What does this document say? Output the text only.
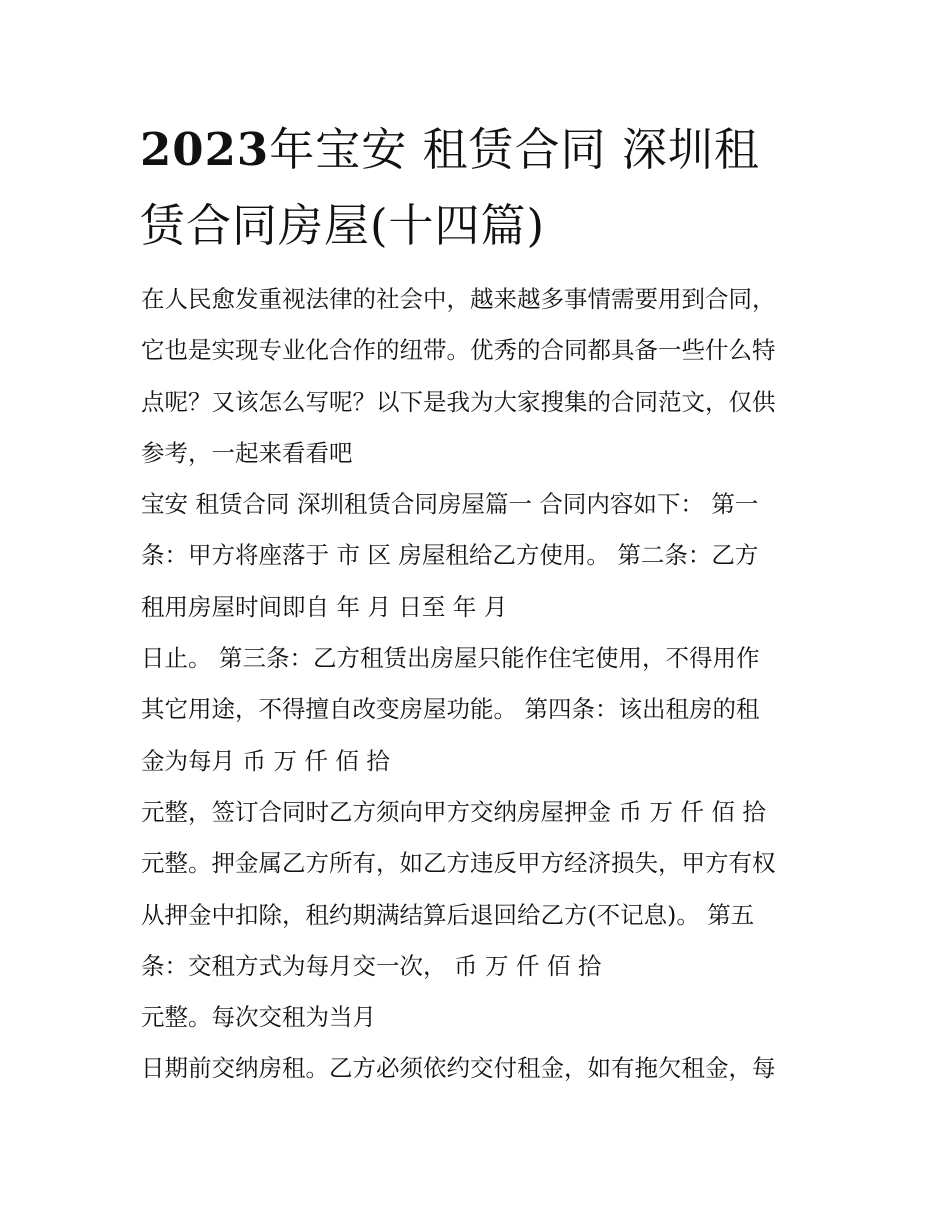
2023年宝安 租赁合同 深圳租
赁合同房屋(十四篇)
在人民愈发重视法律的社会中，越来越多事情需要用到合同，
它也是实现专业化合作的纽带。优秀的合同都具备一些什么特
点呢？又该怎么写呢？以下是我为大家搜集的合同范文，仅供
参考，一起来看看吧
宝安 租赁合同 深圳租赁合同房屋篇一 合同内容如下： 第一
条：甲方将座落于 市 区 房屋租给乙方使用。 第二条：乙方
租用房屋时间即自 年 月 日至 年 月
日止。 第三条：乙方租赁出房屋只能作住宅使用，不得用作
其它用途，不得擅自改变房屋功能。 第四条：该出租房的租
金为每月 币 万 仟 佰 拾
元整，签订合同时乙方须向甲方交纳房屋押金 币 万 仟 佰 拾
元整。押金属乙方所有，如乙方违反甲方经济损失，甲方有权
从押金中扣除，租约期满结算后退回给乙方(不记息)。 第五
条：交租方式为每月交一次， 币 万 仟 佰 拾
元整。每次交租为当月
日期前交纳房租。乙方必须依约交付租金，如有拖欠租金，每
